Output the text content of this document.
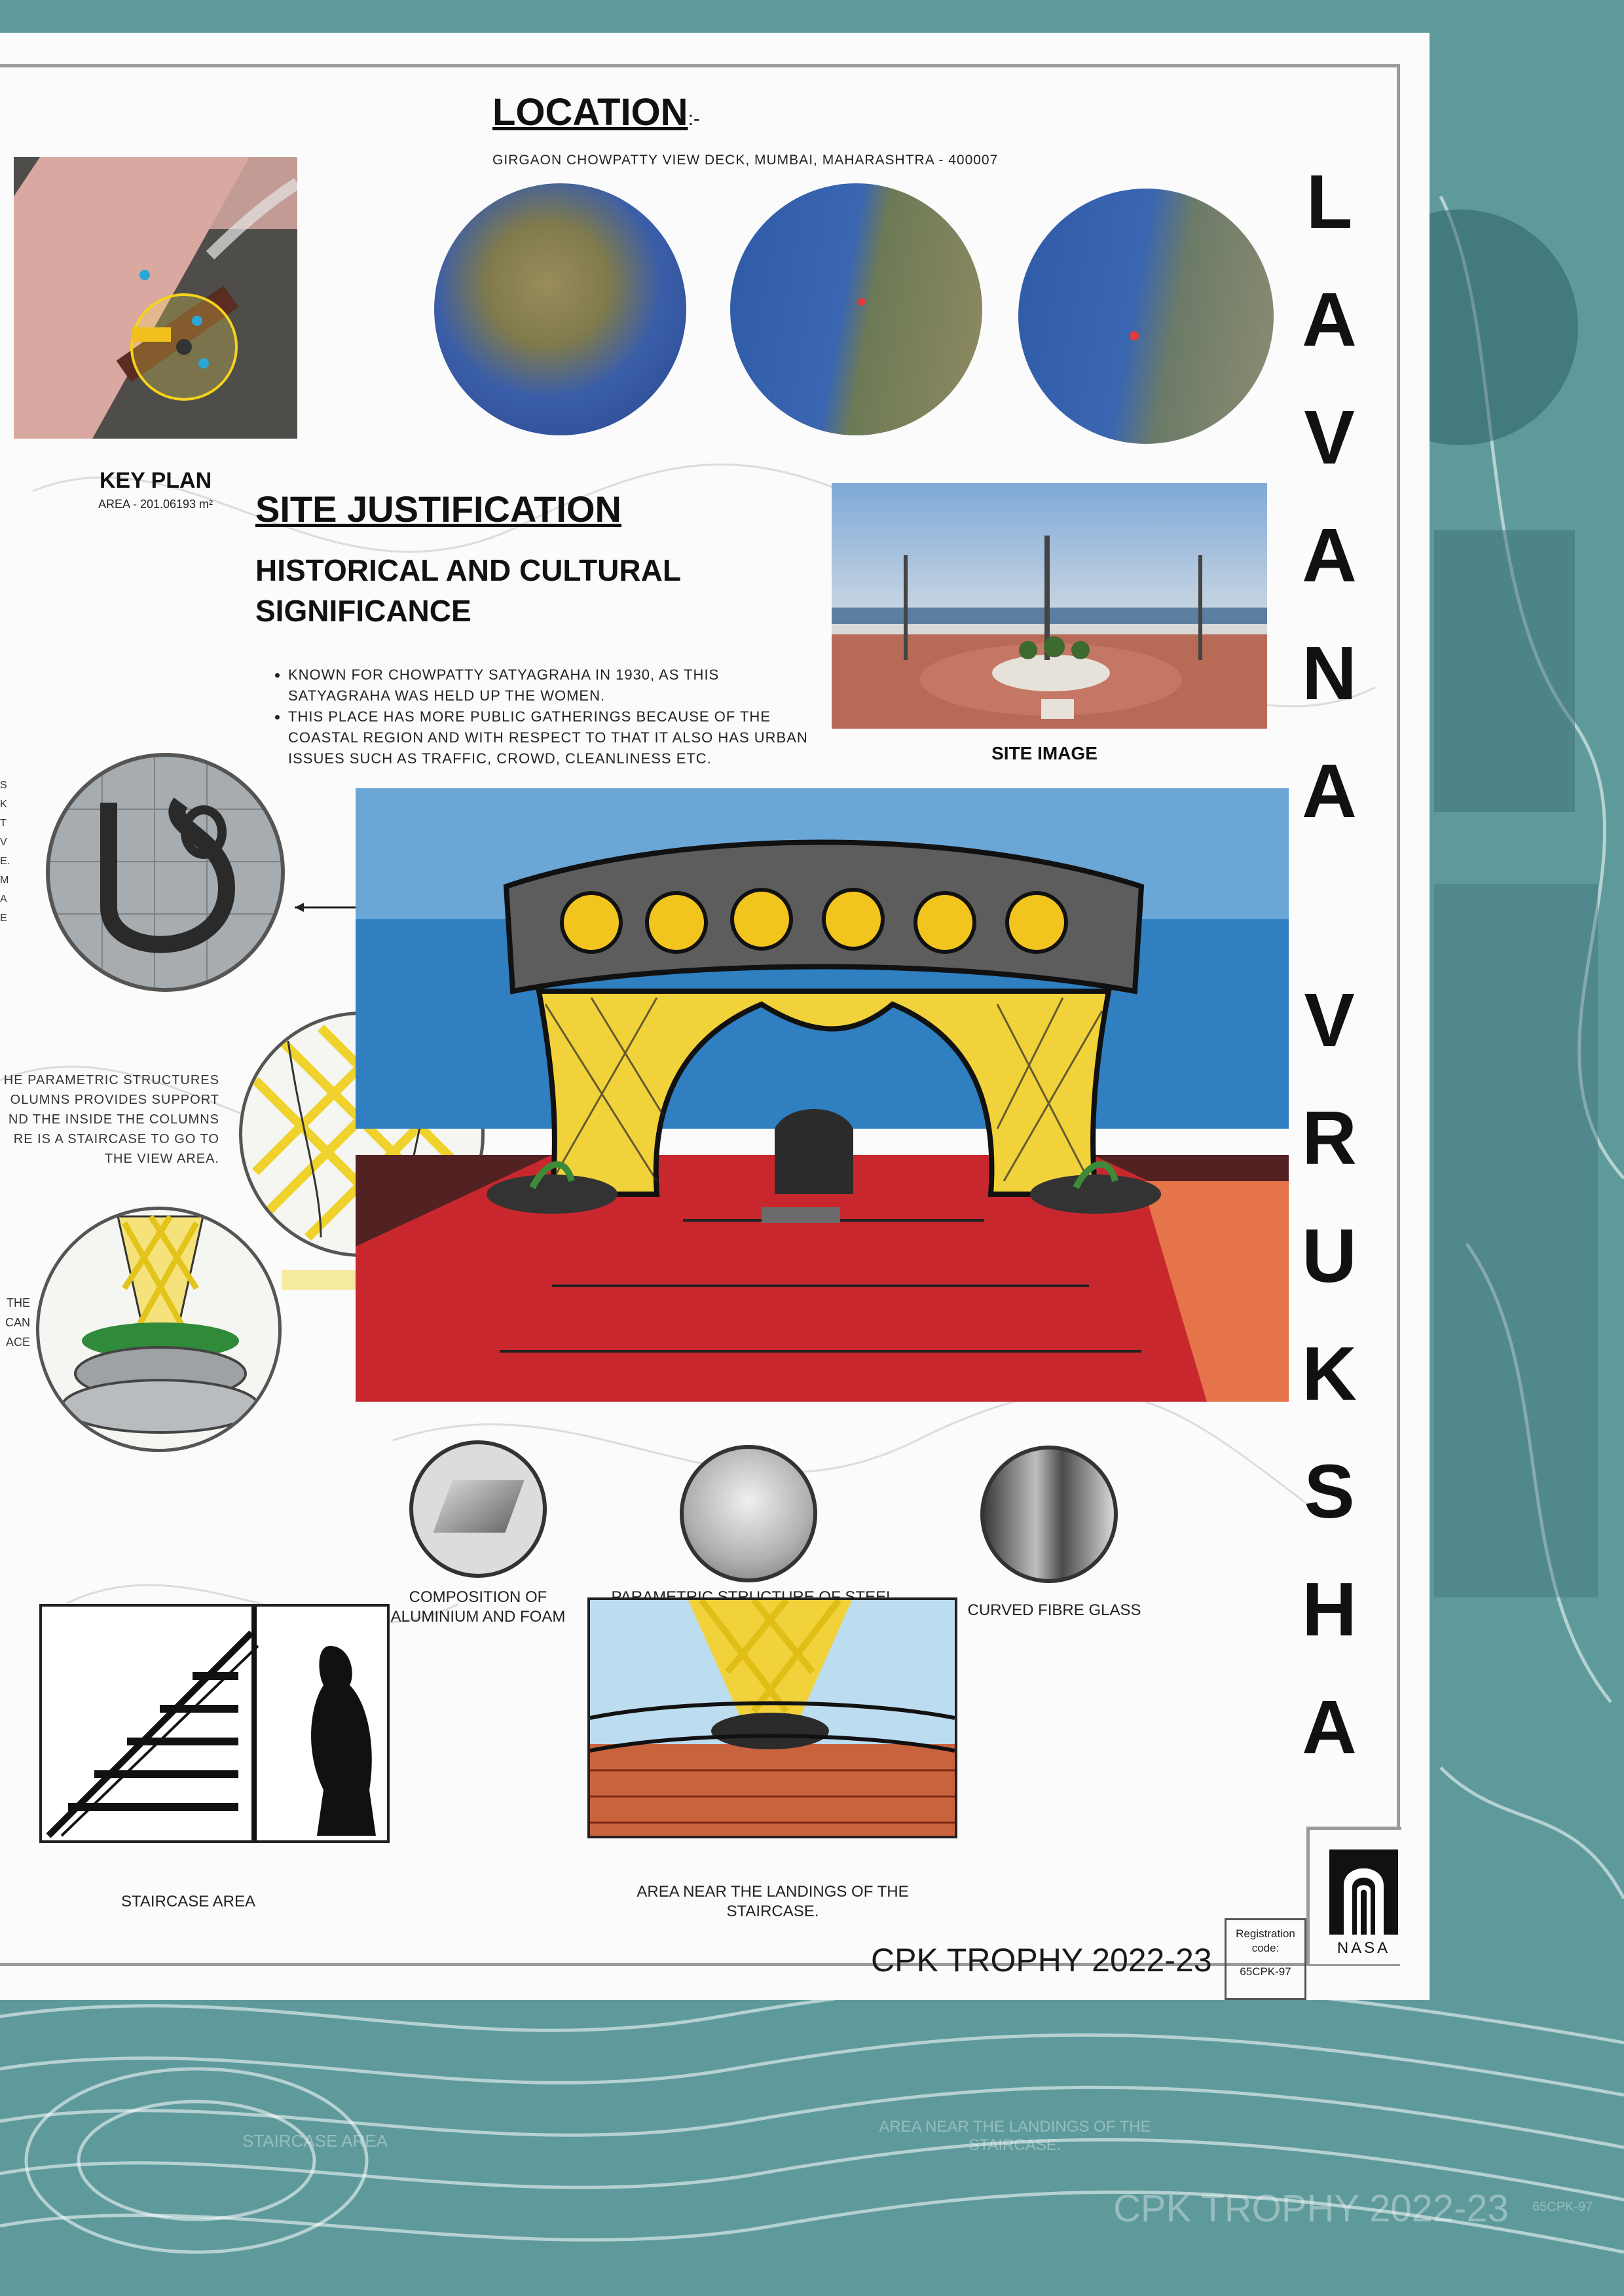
STAIRCASE AREA
AREA NEAR THE LANDINGS OF THE STAIRCASE.
CPK TROPHY 2022-23 65CPK-97
LOCATION:-
GIRGAON CHOWPATTY VIEW DECK, MUMBAI, MAHARASHTRA - 400007
KEY PLAN
AREA - 201.06193 m²	SITE JUSTIFICATION
HISTORICAL AND CULTURAL SIGNIFICANCE
• KNOWN FOR CHOWPATTY SATYAGRAHA IN 1930, AS THIS SATYAGRAHA WAS HELD UP THE WOMEN.
• THIS PLACE HAS MORE PUBLIC GATHERINGS BECAUSE OF THE COASTAL REGION AND WITH RESPECT TO THAT IT ALSO HAS URBAN ISSUES SUCH AS TRAFFIC, CROWD, CLEANLINESS ETC.	SITE IMAGE
S
K
T
V
E.
M
A
E
HE PARAMETRIC STRUCTURES
OLUMNS PROVIDES SUPPORT
ND THE INSIDE THE COLUMNS
RE IS A STAIRCASE TO GO TO
THE VIEW AREA.
THE
CAN
ACE
COMPOSITION OF ALUMINIUM AND FOAM	CURVED FIBRE GLASS
STAIRCASE AREA
AREA NEAR THE LANDINGS OF THE STAIRCASE.
L
A
V
A
N
A
V
R
U
K
S
H
A
CPK TROPHY 2022-23
Registration code:
65CPK-97
NASA
